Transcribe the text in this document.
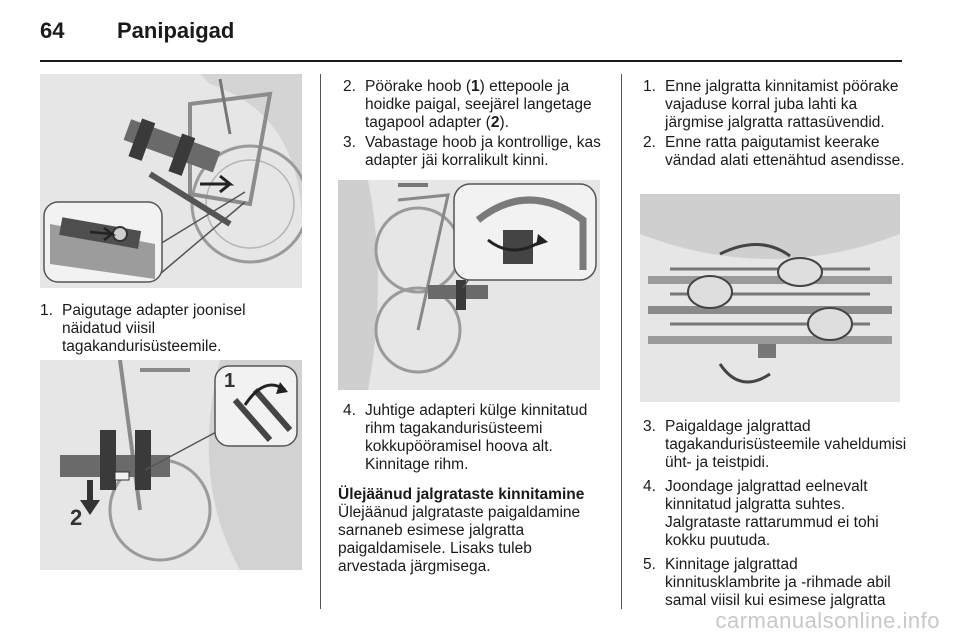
64 Panipaigad
1. Paigutage adapter joonisel näidatud viisil tagakandurisüsteemile.
1
2
2. Pöörake hoob (1) ettepoole ja hoidke paigal, seejärel langetage tagapool adapter (2).
3. Vabastage hoob ja kontrollige, kas adapter jäi korralikult kinni.
4. Juhtige adapteri külge kinnitatud rihm tagakandurisüsteemi kokkupööramisel hoova alt. Kinnitage rihm.
Ülejäänud jalgrataste kinnitamine
Ülejäänud jalgrataste paigaldamine sarnaneb esimese jalgratta paigaldamisele. Lisaks tuleb arvestada järgmisega.
1. Enne jalgratta kinnitamist pöörake vajaduse korral juba lahti ka järgmise jalgratta rattasüvendid.
2. Enne ratta paigutamist keerake vändad alati ettenähtud asendisse.
3. Paigaldage jalgrattad tagakandurisüsteemile vaheldumisi üht- ja teistpidi.
4. Joondage jalgrattad eelnevalt kinnitatud jalgratta suhtes. Jalgrataste rattarummud ei tohi kokku puutuda.
5. Kinnitage jalgrattad kinnitusklambrite ja -rihmade abil samal viisil kui esimese jalgratta
carmanualsonline.info
